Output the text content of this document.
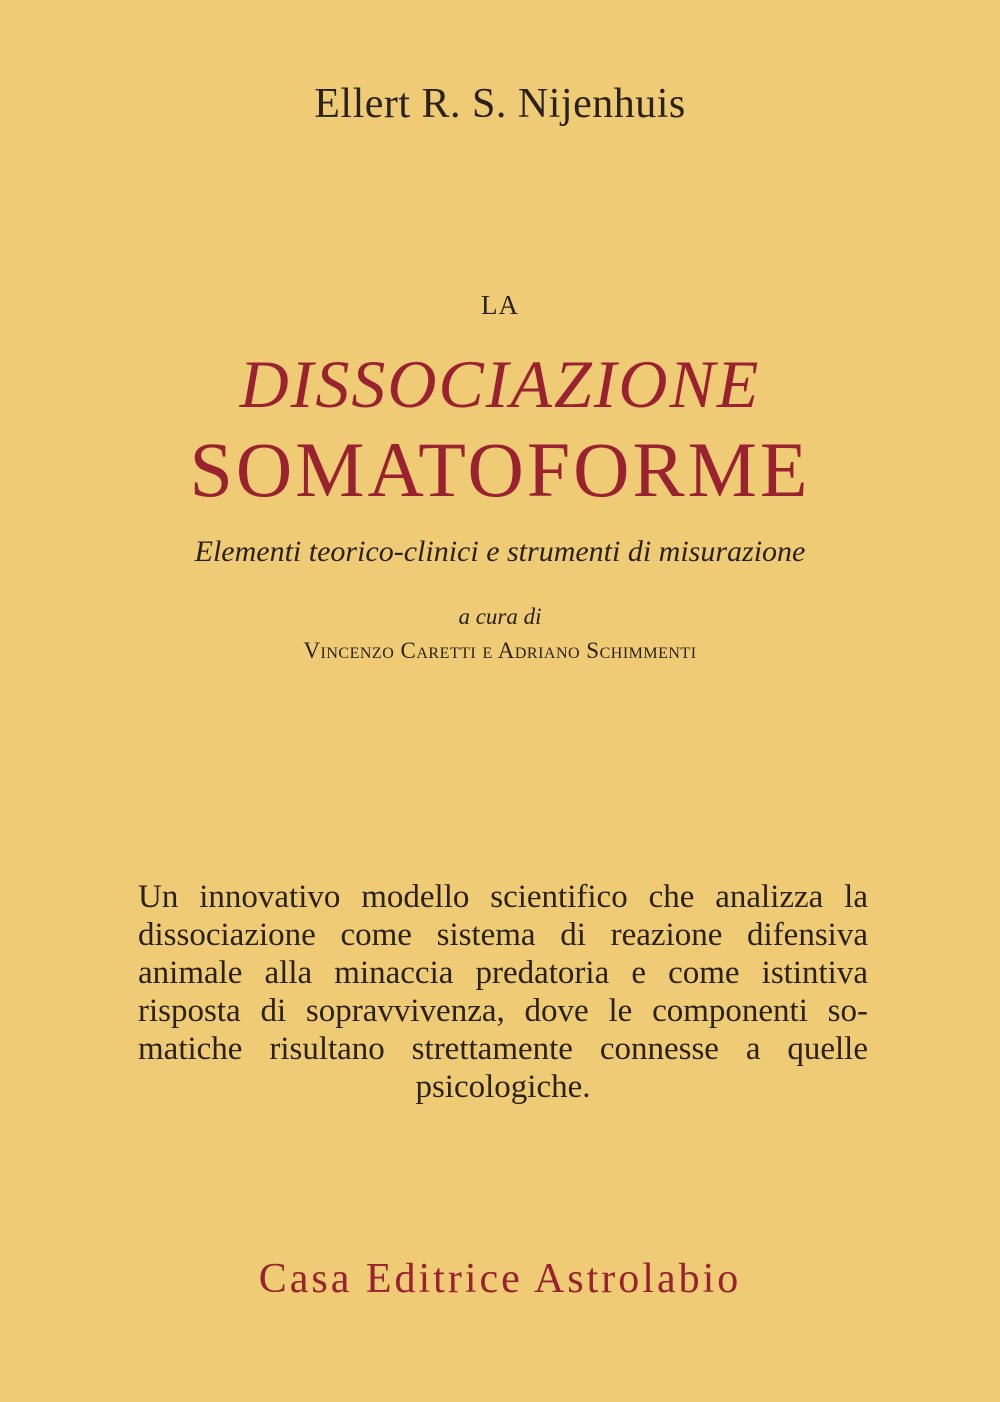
Ellert R. S. Nijenhuis
LA
DISSOCIAZIONE
SOMATOFORME
Elementi teorico-clinici e strumenti di misurazione
a cura di
Vincenzo Caretti e Adriano Schimmenti
Un innovativo modello scientifico che analizza la
dissociazione come sistema di reazione difensiva
animale alla minaccia predatoria e come istintiva
risposta di sopravvivenza, dove le componenti so-
matiche risultano strettamente connesse a quelle
psicologiche.
Casa Editrice Astrolabio
